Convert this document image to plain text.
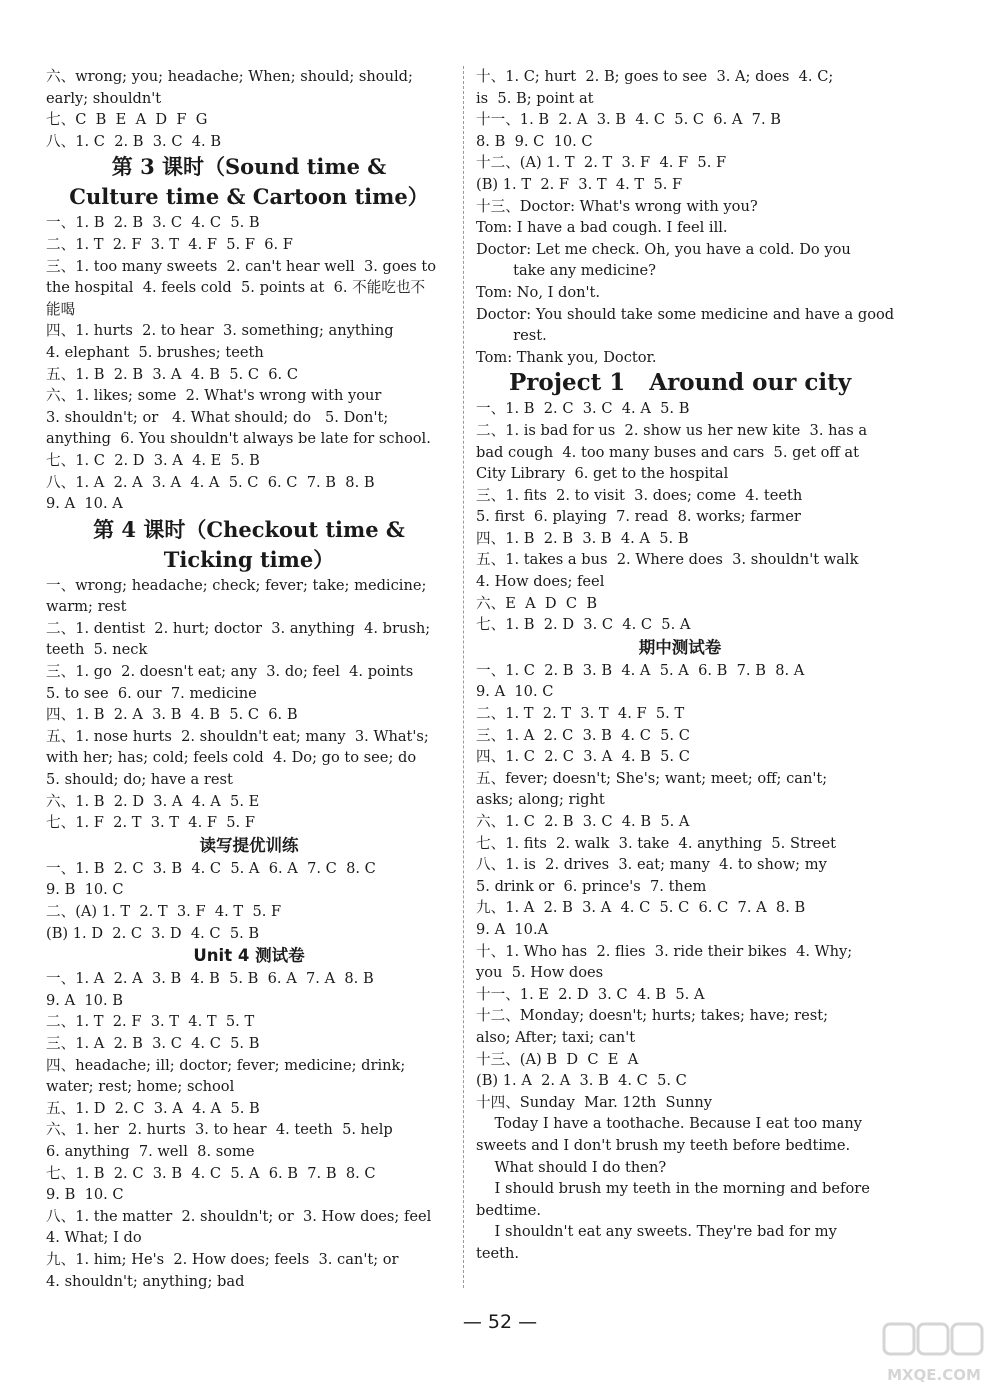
六、wrong; you; headache; When; should; should;
early; shouldn't
七、C  B  E  A  D  F  G
八、1. C  2. B  3. C  4. B
第 3 课时（Sound time &
Culture time & Cartoon time）
一、1. B  2. B  3. C  4. C  5. B
二、1. T  2. F  3. T  4. F  5. F  6. F
三、1. too many sweets  2. can't hear well  3. goes to
the hospital  4. feels cold  5. points at  6. 不能吃也不
能喝
四、1. hurts  2. to hear  3. something; anything
4. elephant  5. brushes; teeth
五、1. B  2. B  3. A  4. B  5. C  6. C
六、1. likes; some  2. What's wrong with your
3. shouldn't; or   4. What should; do   5. Don't;
anything  6. You shouldn't always be late for school.
七、1. C  2. D  3. A  4. E  5. B
八、1. A  2. A  3. A  4. A  5. C  6. C  7. B  8. B
9. A  10. A
第 4 课时（Checkout time &
Ticking time）
一、wrong; headache; check; fever; take; medicine;
warm; rest
二、1. dentist  2. hurt; doctor  3. anything  4. brush;
teeth  5. neck
三、1. go  2. doesn't eat; any  3. do; feel  4. points
5. to see  6. our  7. medicine
四、1. B  2. A  3. B  4. B  5. C  6. B
五、1. nose hurts  2. shouldn't eat; many  3. What's;
with her; has; cold; feels cold  4. Do; go to see; do
5. should; do; have a rest
六、1. B  2. D  3. A  4. A  5. E
七、1. F  2. T  3. T  4. F  5. F
读写提优训练
一、1. B  2. C  3. B  4. C  5. A  6. A  7. C  8. C
9. B  10. C
二、(A) 1. T  2. T  3. F  4. T  5. F
(B) 1. D  2. C  3. D  4. C  5. B
Unit 4 测试卷
一、1. A  2. A  3. B  4. B  5. B  6. A  7. A  8. B
9. A  10. B
二、1. T  2. F  3. T  4. T  5. T
三、1. A  2. B  3. C  4. C  5. B
四、headache; ill; doctor; fever; medicine; drink;
water; rest; home; school
五、1. D  2. C  3. A  4. A  5. B
六、1. her  2. hurts  3. to hear  4. teeth  5. help
6. anything  7. well  8. some
七、1. B  2. C  3. B  4. C  5. A  6. B  7. B  8. C
9. B  10. C
八、1. the matter  2. shouldn't; or  3. How does; feel
4. What; I do
九、1. him; He's  2. How does; feels  3. can't; or
4. shouldn't; anything; bad
十、1. C; hurt  2. B; goes to see  3. A; does  4. C;
is  5. B; point at
十一、1. B  2. A  3. B  4. C  5. C  6. A  7. B
8. B  9. C  10. C
十二、(A) 1. T  2. T  3. F  4. F  5. F
(B) 1. T  2. F  3. T  4. T  5. F
十三、Doctor: What's wrong with you?
Tom: I have a bad cough. I feel ill.
Doctor: Let me check. Oh, you have a cold. Do you
take any medicine?
Tom: No, I don't.
Doctor: You should take some medicine and have a good
rest.
Tom: Thank you, Doctor.
Project 1   Around our city
一、1. B  2. C  3. C  4. A  5. B
二、1. is bad for us  2. show us her new kite  3. has a
bad cough  4. too many buses and cars  5. get off at
City Library  6. get to the hospital
三、1. fits  2. to visit  3. does; come  4. teeth
5. first  6. playing  7. read  8. works; farmer
四、1. B  2. B  3. B  4. A  5. B
五、1. takes a bus  2. Where does  3. shouldn't walk
4. How does; feel
六、E  A  D  C  B
七、1. B  2. D  3. C  4. C  5. A
期中测试卷
一、1. C  2. B  3. B  4. A  5. A  6. B  7. B  8. A
9. A  10. C
二、1. T  2. T  3. T  4. F  5. T
三、1. A  2. C  3. B  4. C  5. C
四、1. C  2. C  3. A  4. B  5. C
五、fever; doesn't; She's; want; meet; off; can't;
asks; along; right
六、1. C  2. B  3. C  4. B  5. A
七、1. fits  2. walk  3. take  4. anything  5. Street
八、1. is  2. drives  3. eat; many  4. to show; my
5. drink or  6. prince's  7. them
九、1. A  2. B  3. A  4. C  5. C  6. C  7. A  8. B
9. A  10.A
十、1. Who has  2. flies  3. ride their bikes  4. Why;
you  5. How does
十一、1. E  2. D  3. C  4. B  5. A
十二、Monday; doesn't; hurts; takes; have; rest;
also; After; taxi; can't
十三、(A) B  D  C  E  A
(B) 1. A  2. A  3. B  4. C  5. C
十四、Sunday  Mar. 12th  Sunny
Today I have a toothache. Because I eat too many
sweets and I don't brush my teeth before bedtime.
What should I do then?
I should brush my teeth in the morning and before
bedtime.
I shouldn't eat any sweets. They're bad for my
teeth.
— 52 —
MXQE.COM
